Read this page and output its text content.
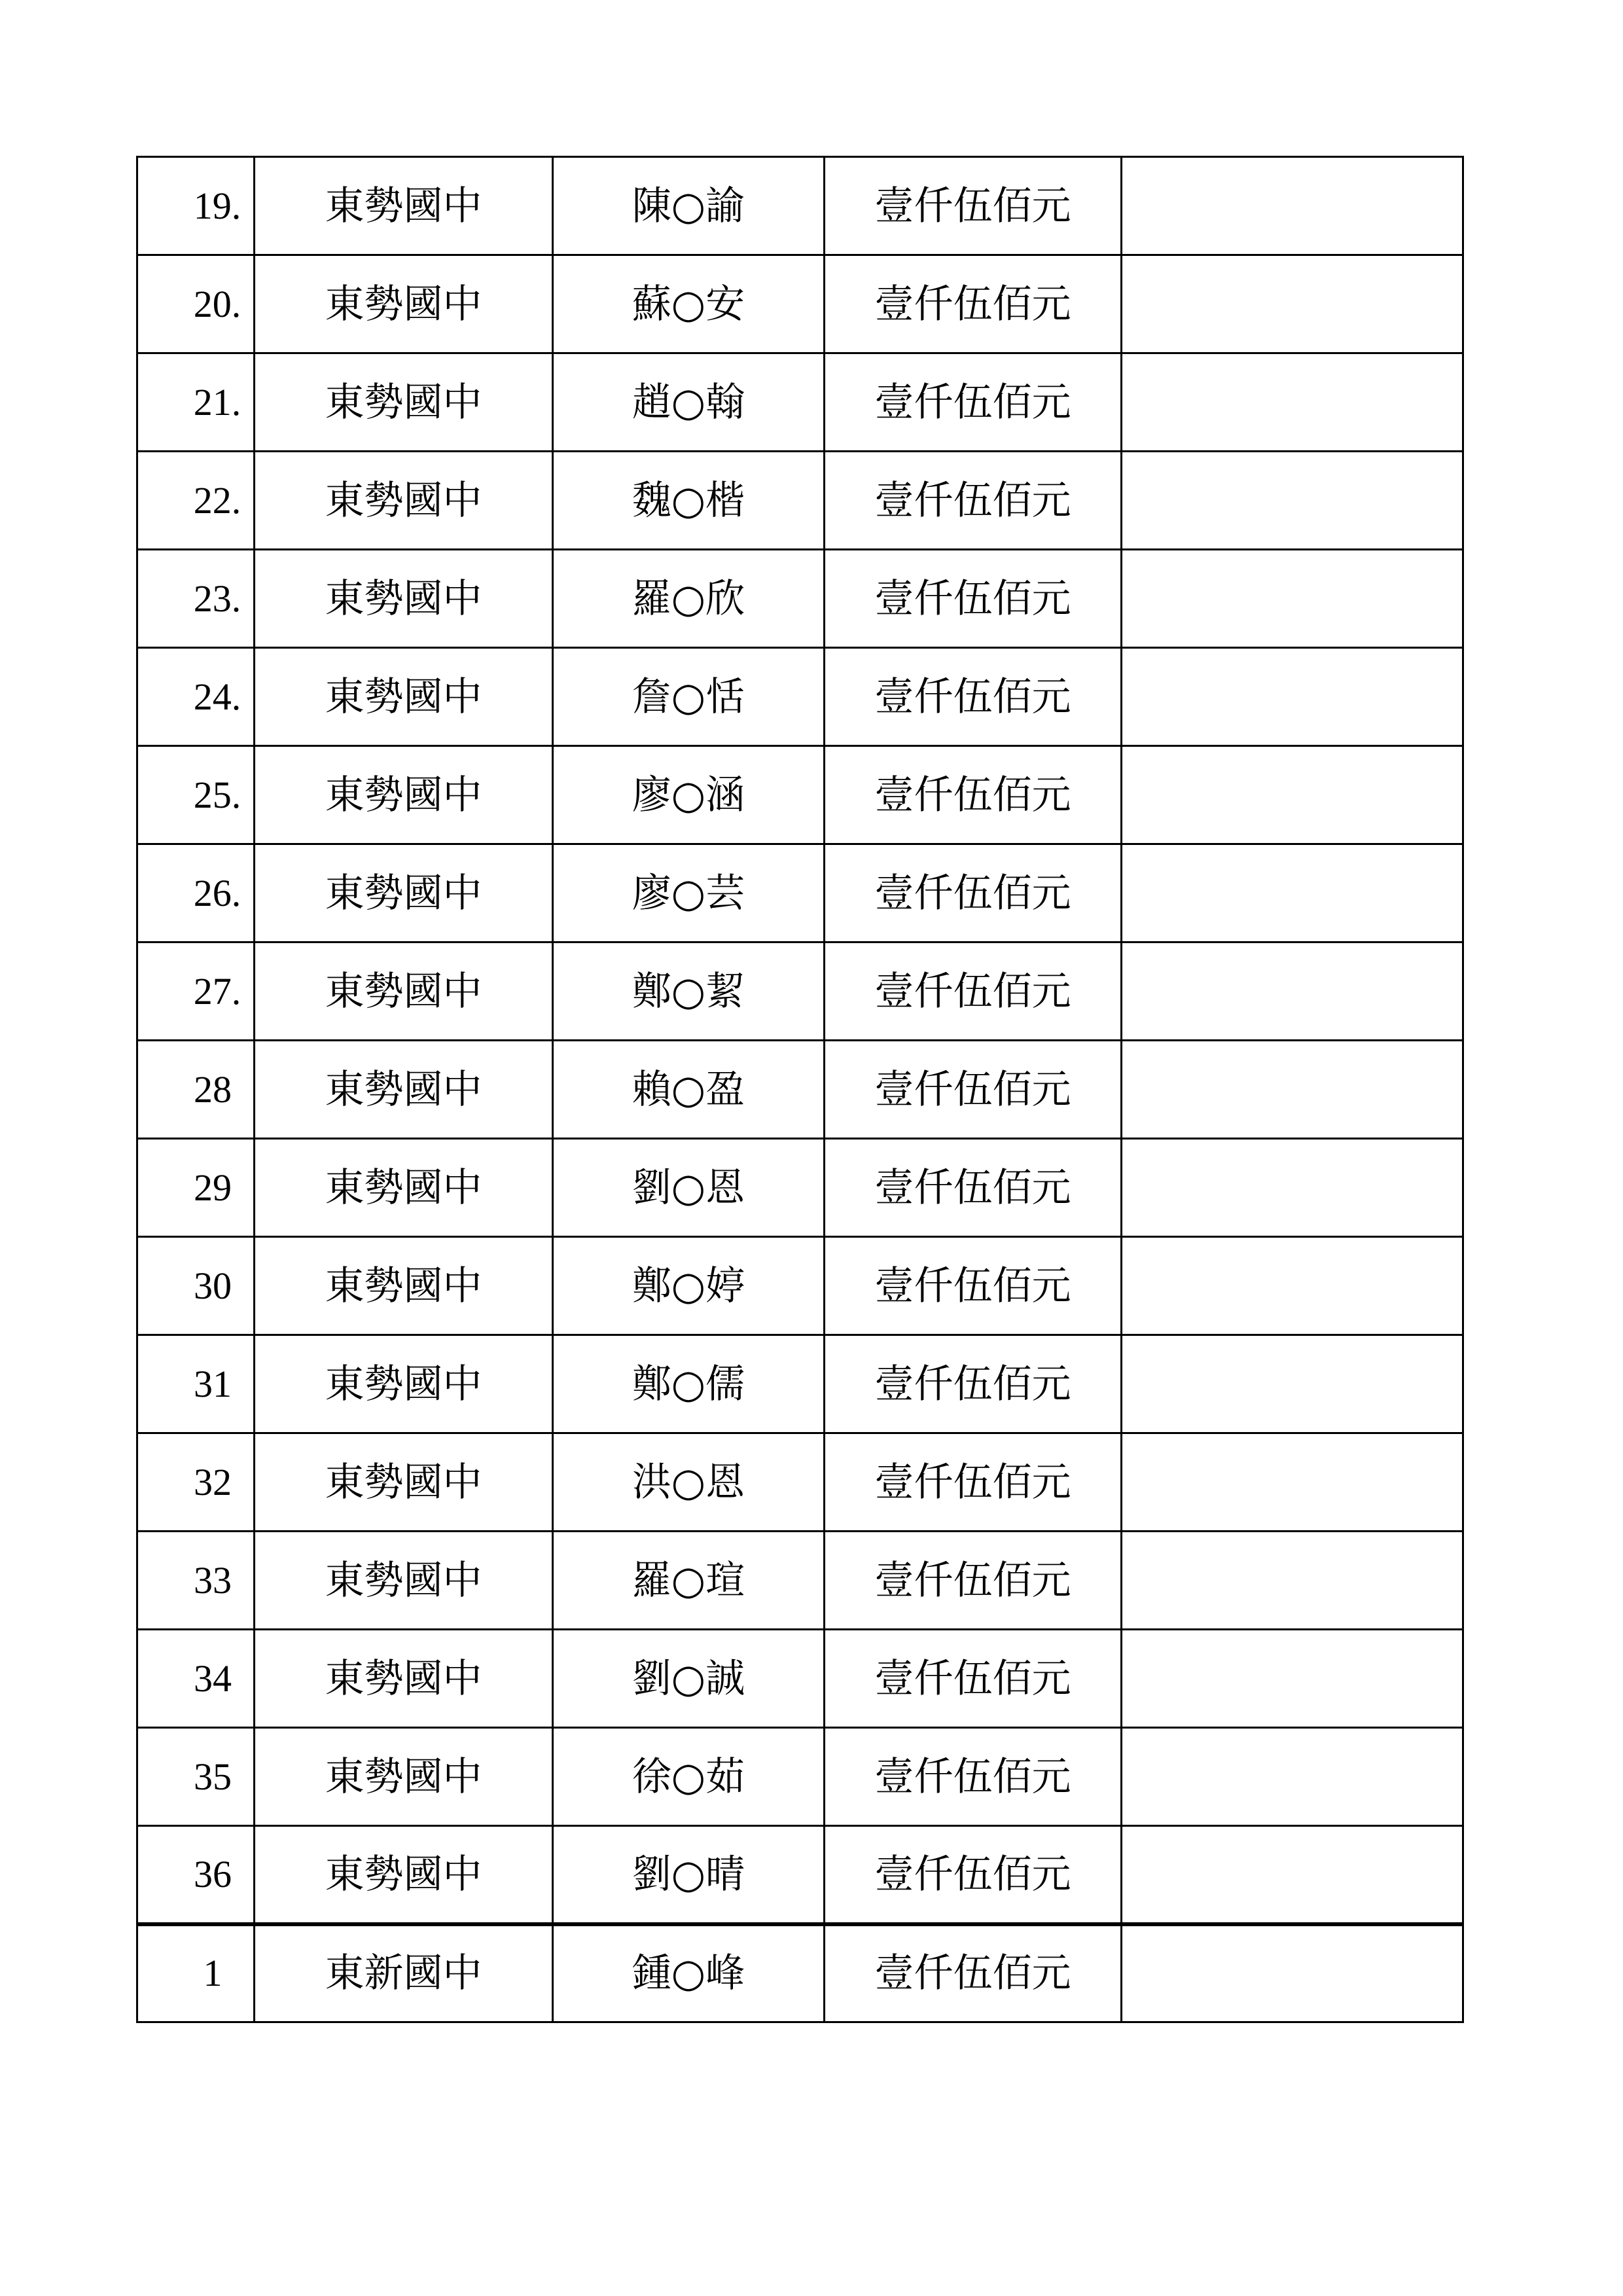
19.	東勢國中	陳○諭	壹仟伍佰元	
20.	東勢國中	蘇○安	壹仟伍佰元	
21.	東勢國中	趙○翰	壹仟伍佰元	
22.	東勢國中	魏○楷	壹仟伍佰元	
23.	東勢國中	羅○欣	壹仟伍佰元	
24.	東勢國中	詹○恬	壹仟伍佰元	
25.	東勢國中	廖○涵	壹仟伍佰元	
26.	東勢國中	廖○芸	壹仟伍佰元	
27.	東勢國中	鄭○絜	壹仟伍佰元	
28	東勢國中	賴○盈	壹仟伍佰元	
29	東勢國中	劉○恩	壹仟伍佰元	
30	東勢國中	鄭○婷	壹仟伍佰元	
31	東勢國中	鄭○儒	壹仟伍佰元	
32	東勢國中	洪○恩	壹仟伍佰元	
33	東勢國中	羅○瑄	壹仟伍佰元	
34	東勢國中	劉○誠	壹仟伍佰元	
35	東勢國中	徐○茹	壹仟伍佰元	
36	東勢國中	劉○晴	壹仟伍佰元	
1	東新國中	鍾○峰	壹仟伍佰元	
